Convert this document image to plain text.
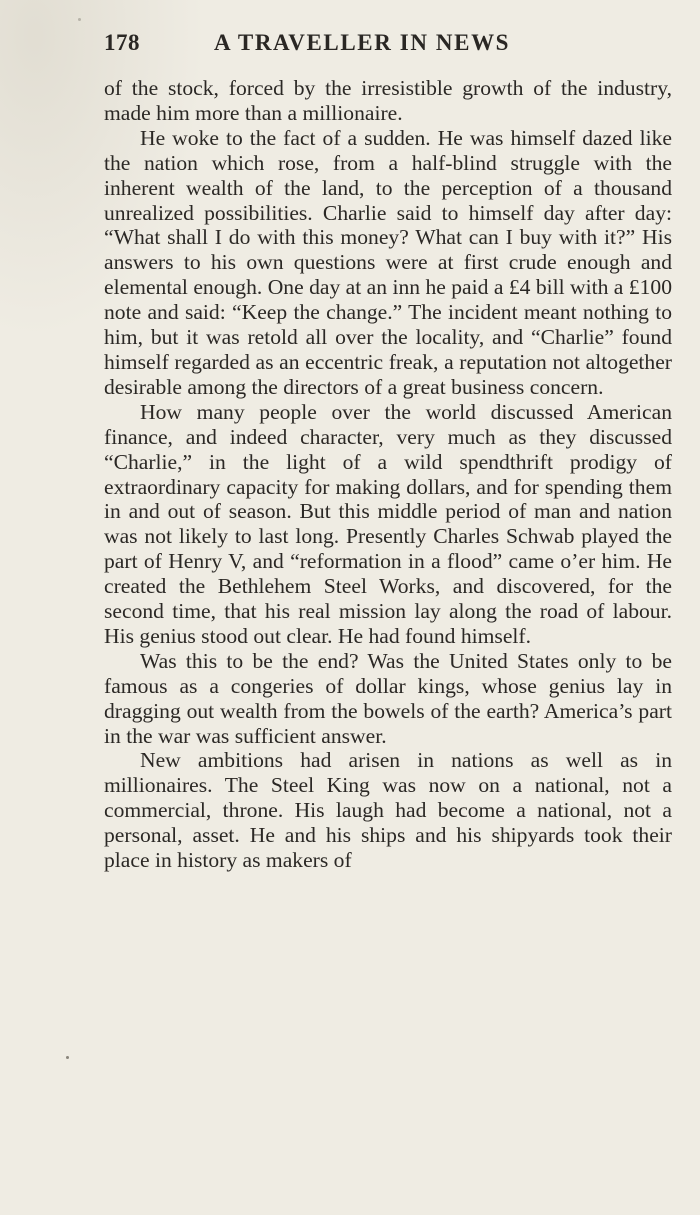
178	A TRAVELLER IN NEWS

of the stock, forced by the irresistible growth of the industry, made him more than a millionaire.

He woke to the fact of a sudden. He was himself dazed like the nation which rose, from a half-blind struggle with the inherent wealth of the land, to the perception of a thousand unrealized possibilities. Charlie said to himself day after day: “What shall I do with this money? What can I buy with it?” His answers to his own questions were at first crude enough and elemental enough. One day at an inn he paid a £4 bill with a £100 note and said: “Keep the change.” The incident meant nothing to him, but it was retold all over the locality, and “Charlie” found himself regarded as an eccentric freak, a reputation not altogether desirable among the directors of a great business concern.

How many people over the world discussed American finance, and indeed character, very much as they discussed “Charlie,” in the light of a wild spendthrift prodigy of extraordinary capacity for making dollars, and for spending them in and out of season. But this middle period of man and nation was not likely to last long. Presently Charles Schwab played the part of Henry V, and “reformation in a flood” came o’er him. He created the Bethlehem Steel Works, and discovered, for the second time, that his real mission lay along the road of labour. His genius stood out clear. He had found himself.

Was this to be the end? Was the United States only to be famous as a congeries of dollar kings, whose genius lay in dragging out wealth from the bowels of the earth? America’s part in the war was sufficient answer.

New ambitions had arisen in nations as well as in millionaires. The Steel King was now on a national, not a commercial, throne. His laugh had become a national, not a personal, asset. He and his ships and his shipyards took their place in history as makers of
